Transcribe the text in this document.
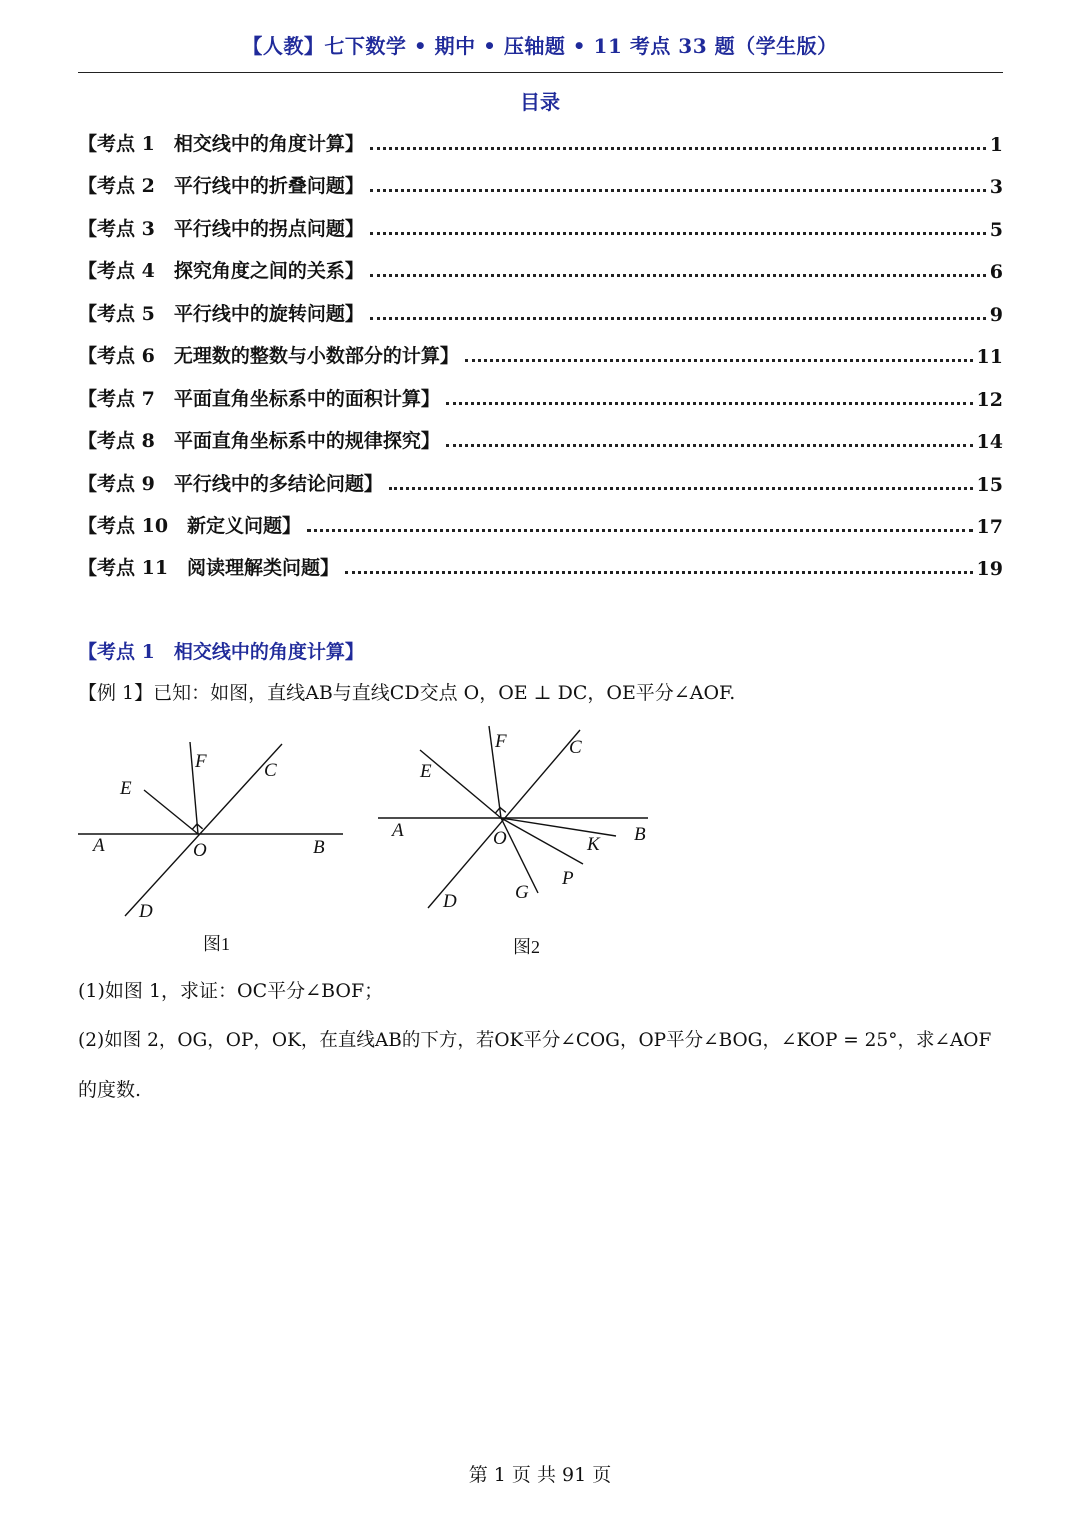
【人教】七下数学 • 期中 • 压轴题 • 11 考点 33 题（学生版）
目录
【考点 1　相交线中的角度计算】	1
【考点 2　平行线中的折叠问题】	3
【考点 3　平行线中的拐点问题】	5
【考点 4　探究角度之间的关系】	6
【考点 5　平行线中的旋转问题】	9
【考点 6　无理数的整数与小数部分的计算】	11
【考点 7　平面直角坐标系中的面积计算】	12
【考点 8　平面直角坐标系中的规律探究】	14
【考点 9　平行线中的多结论问题】	15
【考点 10　新定义问题】	17
【考点 11　阅读理解类问题】	19
【考点 1　相交线中的角度计算】
【例 1】已知：如图，直线AB与直线CD交点 O，OE ⊥ DC，OE平分∠AOF.
A	B
C
D
E
F
O
A	B
C
D
E
F
O
G
P
K
图1	图2
(1)如图 1，求证：OC平分∠BOF；
(2)如图 2，OG，OP，OK，在直线AB的下方，若OK平分∠COG，OP平分∠BOG，∠KOP = 25°，求∠AOF
的度数.
第 1 页 共 91 页
